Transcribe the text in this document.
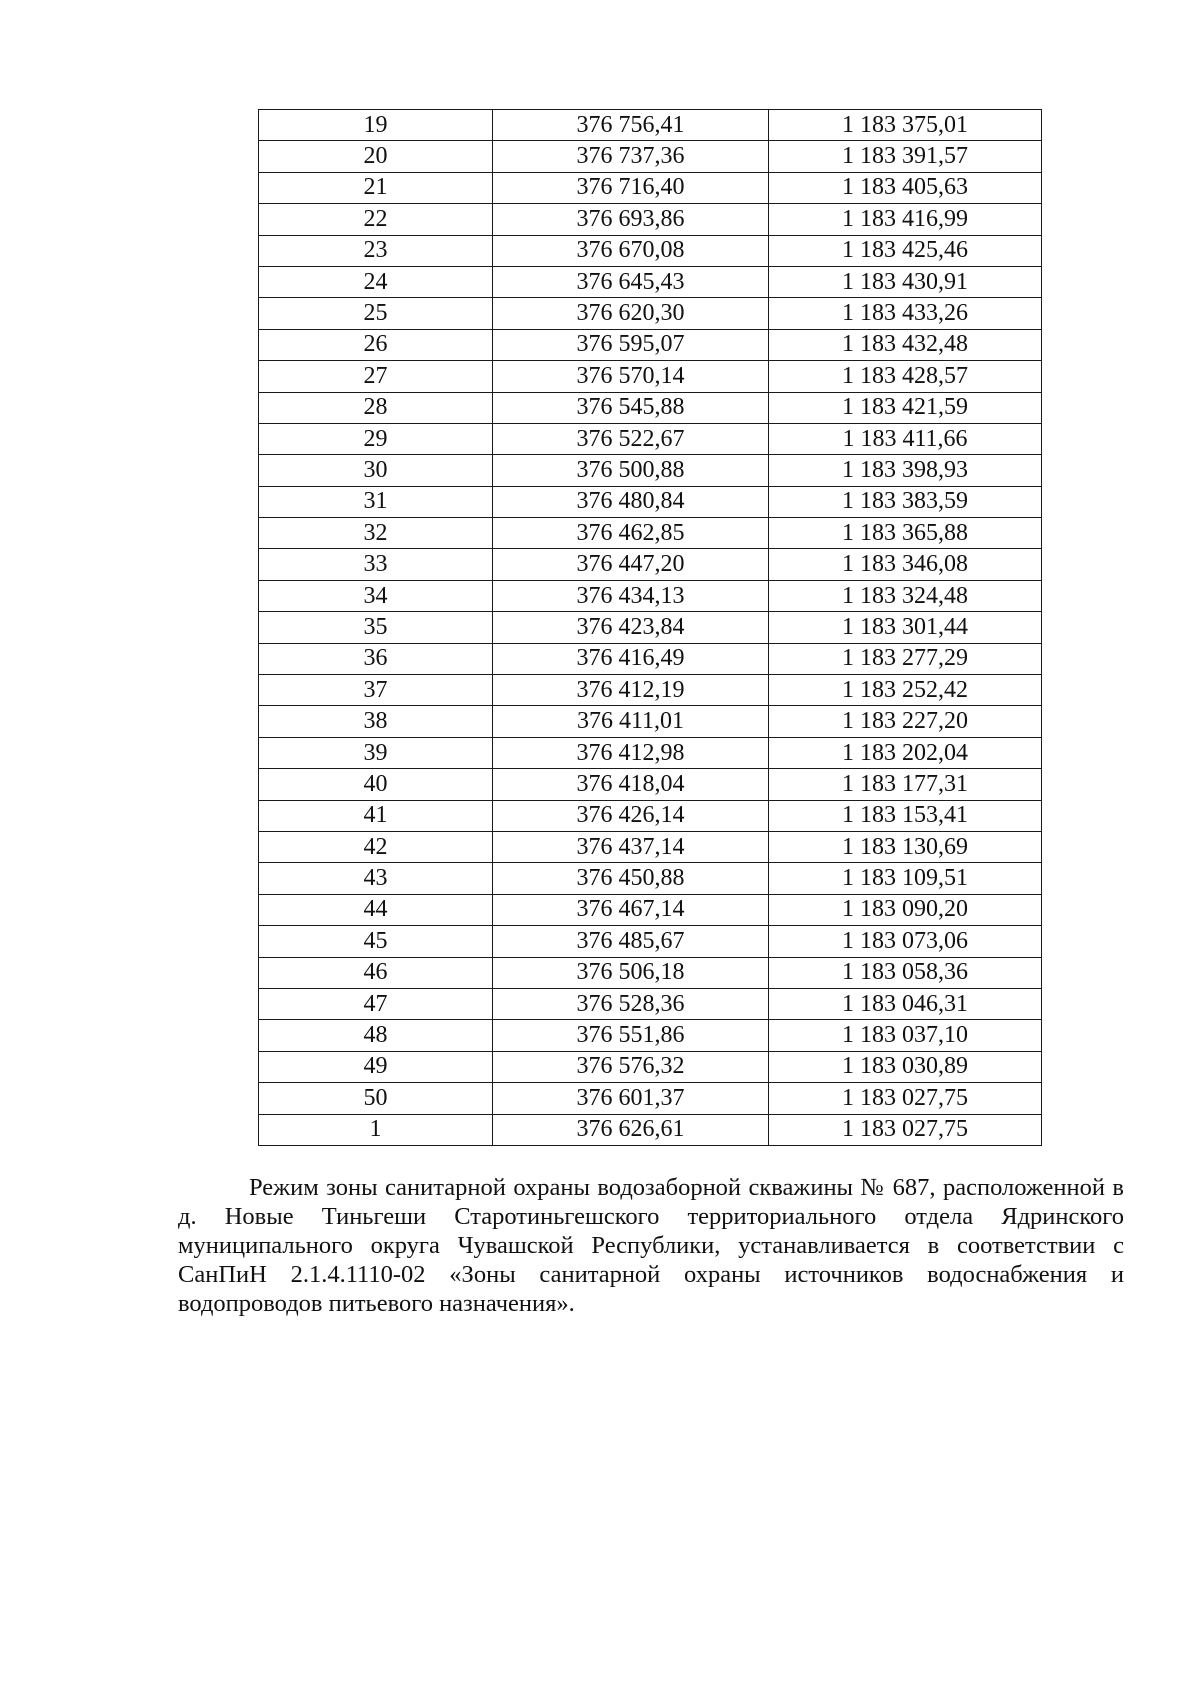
19	376 756,41	1 183 375,01
20	376 737,36	1 183 391,57
21	376 716,40	1 183 405,63
22	376 693,86	1 183 416,99
23	376 670,08	1 183 425,46
24	376 645,43	1 183 430,91
25	376 620,30	1 183 433,26
26	376 595,07	1 183 432,48
27	376 570,14	1 183 428,57
28	376 545,88	1 183 421,59
29	376 522,67	1 183 411,66
30	376 500,88	1 183 398,93
31	376 480,84	1 183 383,59
32	376 462,85	1 183 365,88
33	376 447,20	1 183 346,08
34	376 434,13	1 183 324,48
35	376 423,84	1 183 301,44
36	376 416,49	1 183 277,29
37	376 412,19	1 183 252,42
38	376 411,01	1 183 227,20
39	376 412,98	1 183 202,04
40	376 418,04	1 183 177,31
41	376 426,14	1 183 153,41
42	376 437,14	1 183 130,69
43	376 450,88	1 183 109,51
44	376 467,14	1 183 090,20
45	376 485,67	1 183 073,06
46	376 506,18	1 183 058,36
47	376 528,36	1 183 046,31
48	376 551,86	1 183 037,10
49	376 576,32	1 183 030,89
50	376 601,37	1 183 027,75
1	376 626,61	1 183 027,75

Режим зоны санитарной охраны водозаборной скважины № 687, расположенной в д. Новые Тиньгеши Старотиньгешского территориального отдела Ядринского муниципального округа Чувашской Республики, устанавливается в соответствии с СанПиН 2.1.4.1110-02 «Зоны санитарной охраны источников водоснабжения и водопроводов питьевого назначения».
